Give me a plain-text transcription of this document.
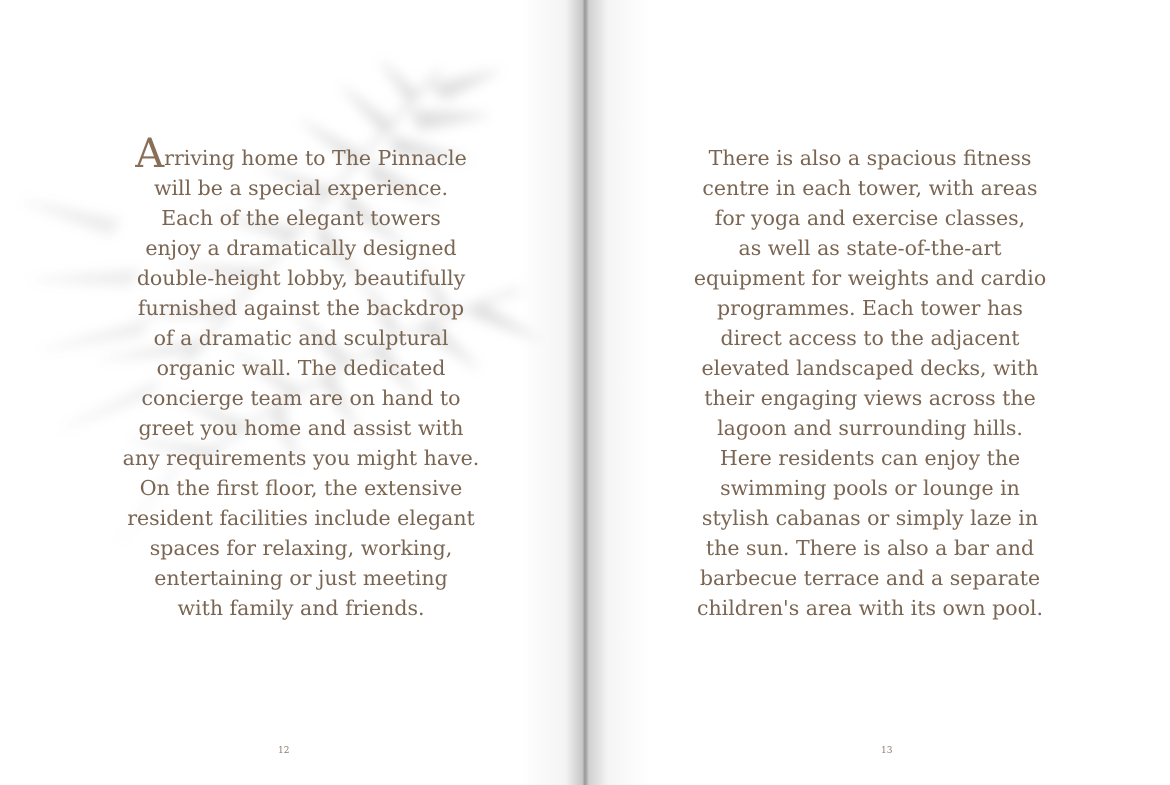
Arriving home to The Pinnacle
will be a special experience.
Each of the elegant towers
enjoy a dramatically designed
double-height lobby, beautifully
furnished against the backdrop
of a dramatic and sculptural
organic wall. The dedicated
concierge team are on hand to
greet you home and assist with
any requirements you might have.
On the first floor, the extensive
resident facilities include elegant
spaces for relaxing, working,
entertaining or just meeting
with family and friends.
12	13
There is also a spacious fitness
centre in each tower, with areas
for yoga and exercise classes,
as well as state-of-the-art
equipment for weights and cardio
programmes. Each tower has
direct access to the adjacent
elevated landscaped decks, with
their engaging views across the
lagoon and surrounding hills.
Here residents can enjoy the
swimming pools or lounge in
stylish cabanas or simply laze in
the sun. There is also a bar and
barbecue terrace and a separate
children's area with its own pool.
